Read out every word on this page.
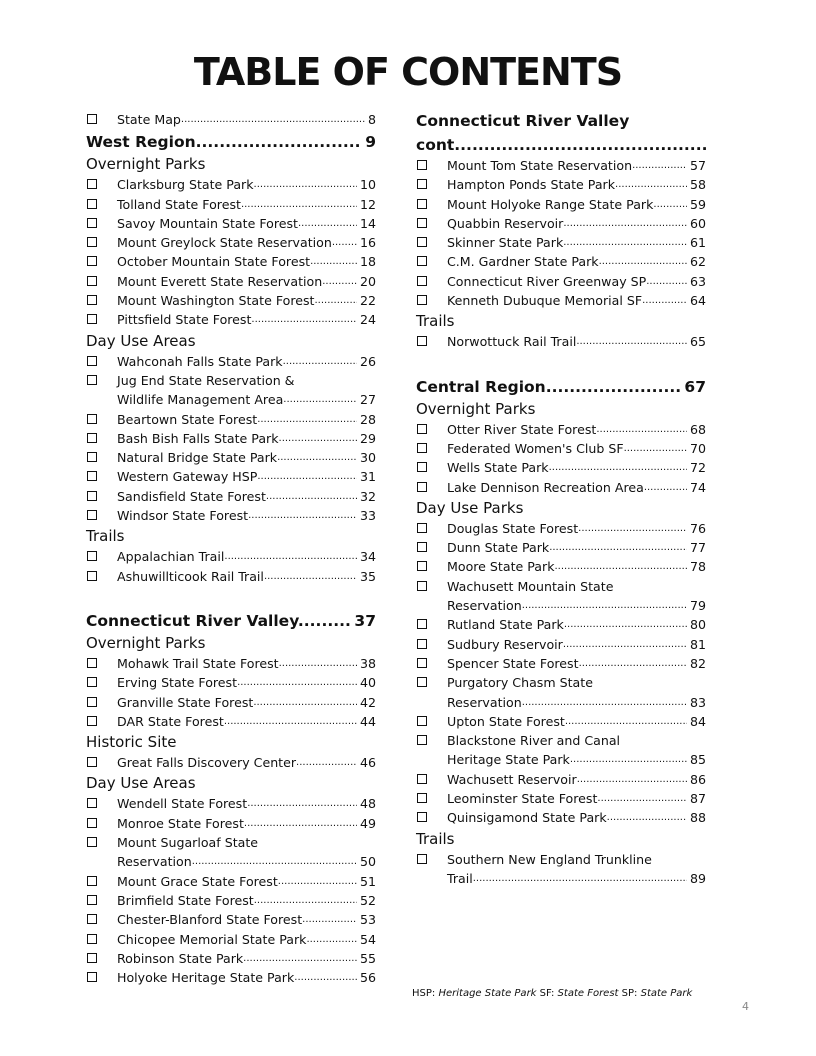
TABLE OF CONTENTS
State Map .....	8
West Region .....	9
Overnight Parks
Clarksburg State Park .....	10
Tolland State Forest .....	12
Savoy Mountain State Forest .....	14
Mount Greylock State Reservation ..... 16
October Mountain State Forest .....	18
Mount Everett State Reservation .....	20
Mount Washington State Forest .....	22
Pittsfield State Forest .....	24
Day Use Areas
Wahconah Falls State Park .....	26
Jug End State Reservation &
Wildlife Management Area .....	27
Beartown State Forest .....	28
Bash Bish Falls State Park .....	29
Natural Bridge State Park .....	30
Western Gateway HSP .....	31
Sandisfield State Forest .....	32
Windsor State Forest .....	33
Trails
Appalachian Trail .....	34
Ashuwillticook Rail Trail .....	35
Connecticut River Valley .....	37
Overnight Parks
Mohawk Trail State Forest .....	38
Erving State Forest .....	40
Granville State Forest .....	42
DAR State Forest .....	44
Historic Site
Great Falls Discovery Center .....	46
Day Use Areas
Wendell State Forest .....	48
Monroe State Forest .....	49
Mount Sugarloaf State
Reservation .....	50
Mount Grace State Forest .....	51
Brimfield State Forest .....	52
Chester-Blanford State Forest .....	53
Chicopee Memorial State Park .....	54
Robinson State Park .....	55
Holyoke Heritage State Park .....	56
Connecticut River Valley
cont .....
Mount Tom State Reservation .....	57
Hampton Ponds State Park .....	58
Mount Holyoke Range State Park .....	59
Quabbin Reservoir .....	60
Skinner State Park .....	61
C.M. Gardner State Park .....	62
Connecticut River Greenway SP .....	63
Kenneth Dubuque Memorial SF .....	64
Trails
Norwottuck Rail Trail .....	65
Central Region .....	67
Overnight Parks
Otter River State Forest .....	68
Federated Women's Club SF .....	70
Wells State Park .....	72
Lake Dennison Recreation Area .....	74
Day Use Parks
Douglas State Forest .....	76
Dunn State Park .....	77
Moore State Park .....	78
Wachusett Mountain State
Reservation .....	79
Rutland State Park .....	80
Sudbury Reservoir .....	81
Spencer State Forest .....	82
Purgatory Chasm State
Reservation .....	83
Upton State Forest .....	84
Blackstone River and Canal
Heritage State Park .....	85
Wachusett Reservoir .....	86
Leominster State Forest .....	87
Quinsigamond State Park .....	88
Trails
Southern New England Trunkline
Trail .....	89
HSP: Heritage State Park SF: State Forest SP: State Park
4
